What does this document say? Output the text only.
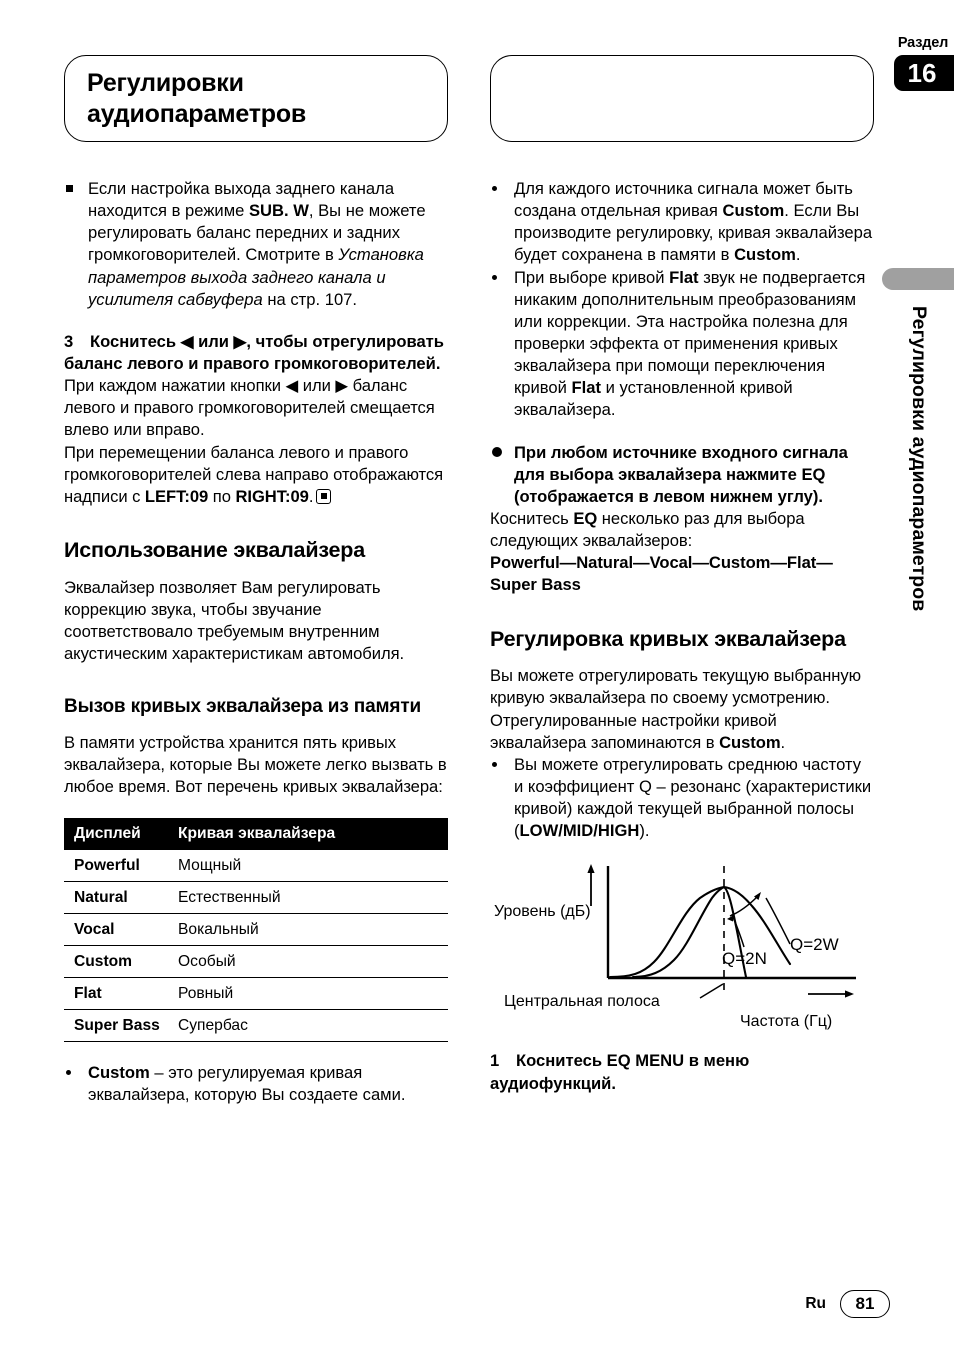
Раздел
16
Регулировки аудиопараметров
Регулировки
аудиопараметров
Если настройка выхода заднего канала находится в режиме SUB. W, Вы не можете регулировать баланс передних и задних громкоговорителей. Смотрите в Установка параметров выхода заднего канала и усилителя сабвуфера на стр. 107.
3 Коснитесь ◀ или ▶, чтобы отрегулировать баланс левого и правого громкоговорителей.
При каждом нажатии кнопки ◀ или ▶ баланс левого и правого громкоговорителей смещается влево или вправо.
При перемещении баланса левого и правого громкоговорителей слева направо отображаются надписи с LEFT:09 по RIGHT:09.
Использование эквалайзера
Эквалайзер позволяет Вам регулировать коррекцию звука, чтобы звучание соответствовало требуемым внутренним акустическим характеристикам автомобиля.
Вызов кривых эквалайзера из памяти
В памяти устройства хранится пять кривых эквалайзера, которые Вы можете легко вызвать в любое время. Вот перечень кривых эквалайзера:
Дисплей	Кривая эквалайзера
Powerful	Мощный
Natural	Естественный
Vocal	Вокальный
Custom	Особый
Flat	Ровный
Super Bass	Супербас
Custom – это регулируемая кривая эквалайзера, которую Вы создаете сами.
Для каждого источника сигнала может быть создана отдельная кривая Custom. Если Вы производите регулировку, кривая эквалайзера будет сохранена в памяти в Custom.
При выборе кривой Flat звук не подвергается никаким дополнительным преобразованиям или коррекции. Эта настройка полезна для проверки эффекта от применения кривых эквалайзера при помощи переключения кривой Flat и установленной кривой эквалайзера.
При любом источнике входного сигнала для выбора эквалайзера нажмите EQ (отображается в левом нижнем углу).
Коснитесь EQ несколько раз для выбора следующих эквалайзеров:
Powerful—Natural—Vocal—Custom—Flat—Super Bass
Регулировка кривых эквалайзера
Вы можете отрегулировать текущую выбранную кривую эквалайзера по своему усмотрению. Отрегулированные настройки кривой эквалайзера запоминаются в Custom.
Вы можете отрегулировать среднюю частоту и коэффициент Q – резонанс (характеристики кривой) каждой текущей выбранной полосы (LOW/MID/HIGH).
Уровень (дБ)
Q=2N
Q=2W
Центральная полоса
Частота (Гц)
1 Коснитесь EQ MENU в меню аудиофункций.
Ru	81
